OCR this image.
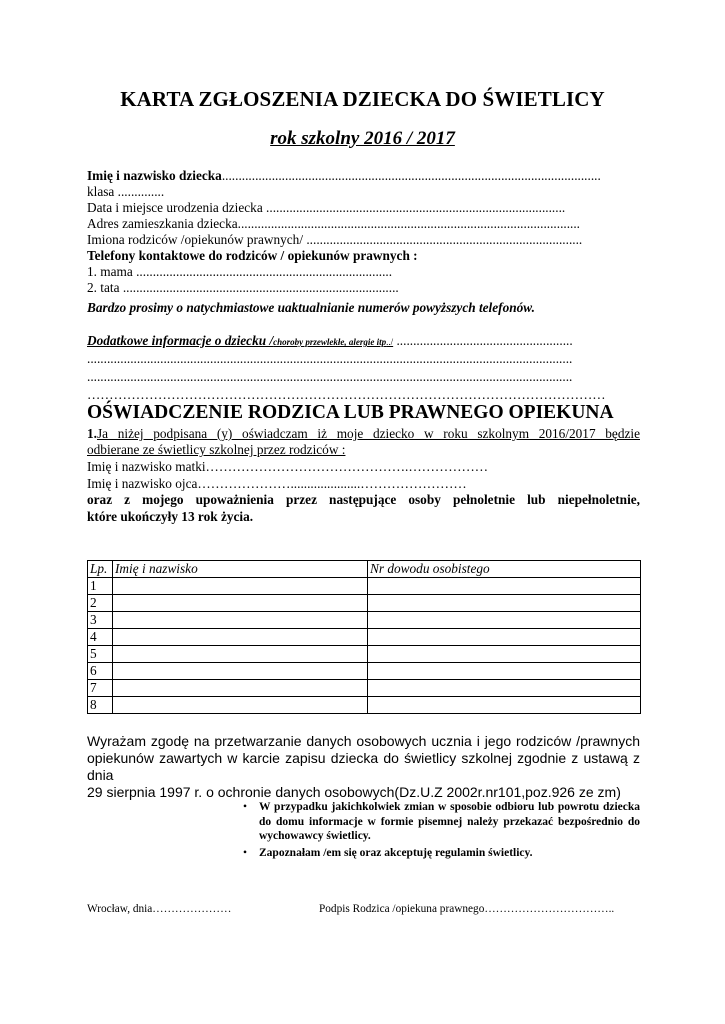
KARTA ZGŁOSZENIA DZIECKA DO ŚWIETLICY
rok szkolny 2016 / 2017
Imię i nazwisko dziecka..................................................................................................................
klasa ..............
Data i miejsce urodzenia dziecka ..........................................................................................
Adres zamieszkania dziecka.......................................................................................................
Imiona rodziców /opiekunów prawnych/ ...................................................................................
Telefony kontaktowe do rodziców / opiekunów prawnych :
1. mama .............................................................................
2. tata ...................................................................................
Bardzo prosimy o natychmiastowe uaktualnianie numerów powyższych telefonów.
Dodatkowe informacje o dziecku /choroby przewlekłe, alergie itp../ .....................................................
..................................................................................................................................................
..................................................................................................................................................
………………………………………………………………………………………………………
OŚWIADCZENIE RODZICA LUB PRAWNEGO OPIEKUNA
1.Ja niżej podpisana (y) oświadczam iż moje dziecko w roku szkolnym 2016/2017 będzie
odbierane ze świetlicy szkolnej przez rodziców :
Imię i nazwisko matki……………………………………….………………
Imię i nazwisko ojca………………….....................……………………
oraz z mojego upoważnienia przez następujące osoby pełnoletnie lub niepełnoletnie,
które ukończyły 13 rok życia.
Lp.	Imię i nazwisko	Nr dowodu osobistego
1		
2		
3		
4		
5		
6		
7		
8		
Wyrażam zgodę na przetwarzanie danych osobowych ucznia i jego rodziców /prawnych
opiekunów zawartych w karcie zapisu dziecka do świetlicy szkolnej zgodnie z ustawą z dnia
29 sierpnia 1997 r. o ochronie danych osobowych(Dz.U.Z 2002r.nr101,poz.926 ze zm)
• W przypadku jakichkolwiek zmian w sposobie odbioru lub powrotu dziecka do domu informacje w formie pisemnej należy przekazać bezpośrednio do wychowawcy świetlicy.
• Zapoznałam /em się oraz akceptuję regulamin świetlicy.
Wrocław, dnia…………………	Podpis Rodzica /opiekuna prawnego……………………………..
